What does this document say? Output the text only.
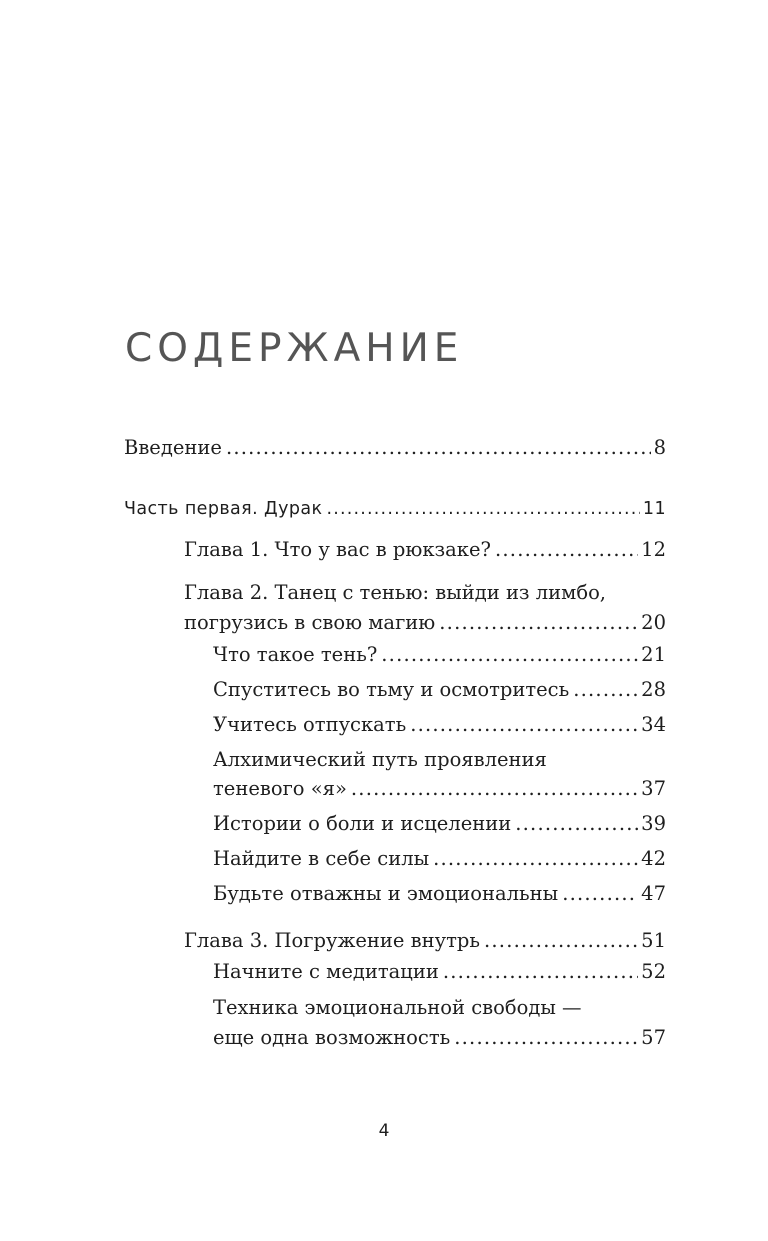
СОДЕРЖАНИЕ
Введение .....	8
Часть первая. Дурак .....	11
Глава 1. Что у вас в рюкзаке? .....	12
Глава 2. Танец с тенью: выйди из лимбо,
погрузись в свою магию .....	20
Что такое тень? .....	21
Спуститесь во тьму и осмотритесь .....	28
Учитесь отпускать .....	34
Алхимический путь проявления
теневого «я» .....	37
Истории о боли и исцелении .....	39
Найдите в себе силы .....	42
Будьте отважны и эмоциональны .....	47
Глава 3. Погружение внутрь .....	51
Начните с медитации .....	52
Техника эмоциональной свободы —
еще одна возможность .....	57
4
